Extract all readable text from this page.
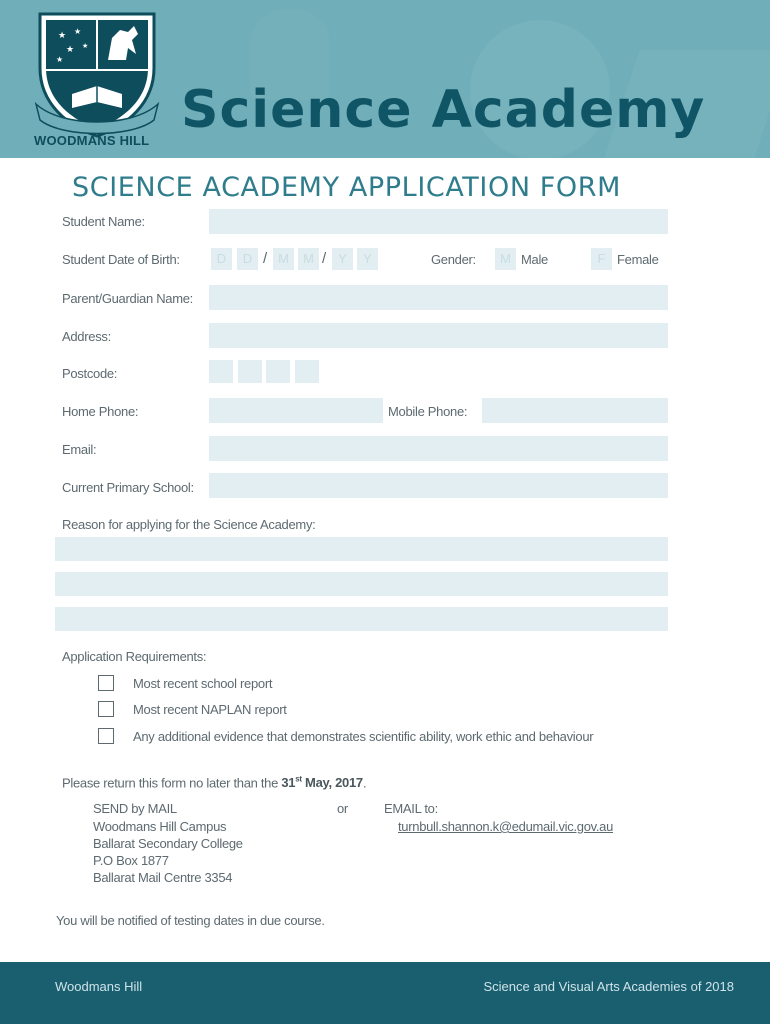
★ ★
★ ★
★
WOODMANS HILL
Science Academy
SCIENCE ACADEMY APPLICATION FORM
Student Name:
Student Date of Birth:	D	D / M	M / Y	Y	Gender:	M Male	F Female
Parent/Guardian Name:
Address:
Postcode:
Home Phone:	Mobile Phone:
Email:
Current Primary School:
Reason for applying for the Science Academy:
Application Requirements:
Most recent school report
Most recent NAPLAN report
Any additional evidence that demonstrates scientific ability, work ethic and behaviour
Please return this form no later than the 31st May, 2017.
SEND by MAIL
Woodmans Hill Campus
Ballarat Secondary College
P.O Box 1877
Ballarat Mail Centre 3354
or	EMAIL to:
turnbull.shannon.k@edumail.vic.gov.au
You will be notified of testing dates in due course.
Woodmans Hill	Science and Visual Arts Academies of 2018
